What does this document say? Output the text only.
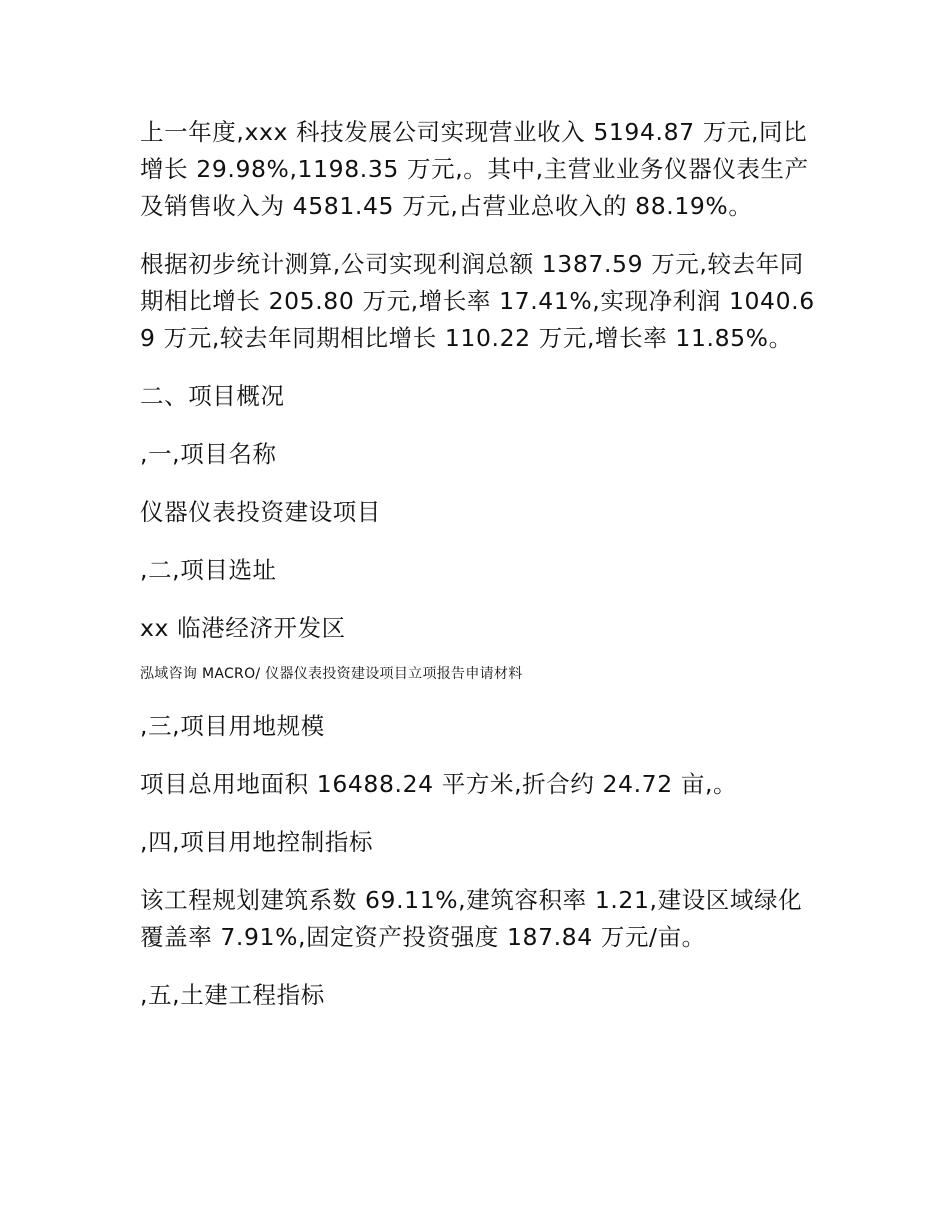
上一年度,xxx 科技发展公司实现营业收入 5194.87 万元,同比增长 29.98%,1198.35 万元,。其中,主营业业务仪器仪表生产及销售收入为 4581.45 万元,占营业总收入的 88.19%。

根据初步统计测算,公司实现利润总额 1387.59 万元,较去年同期相比增长 205.80 万元,增长率 17.41%,实现净利润 1040.69 万元,较去年同期相比增长 110.22 万元,增长率 11.85%。

二、项目概况

,一,项目名称

仪器仪表投资建设项目

,二,项目选址

xx 临港经济开发区

泓域咨询 MACRO/ 仪器仪表投资建设项目立项报告申请材料

,三,项目用地规模

项目总用地面积 16488.24 平方米,折合约 24.72 亩,。

,四,项目用地控制指标

该工程规划建筑系数 69.11%,建筑容积率 1.21,建设区域绿化覆盖率 7.91%,固定资产投资强度 187.84 万元/亩。

,五,土建工程指标
